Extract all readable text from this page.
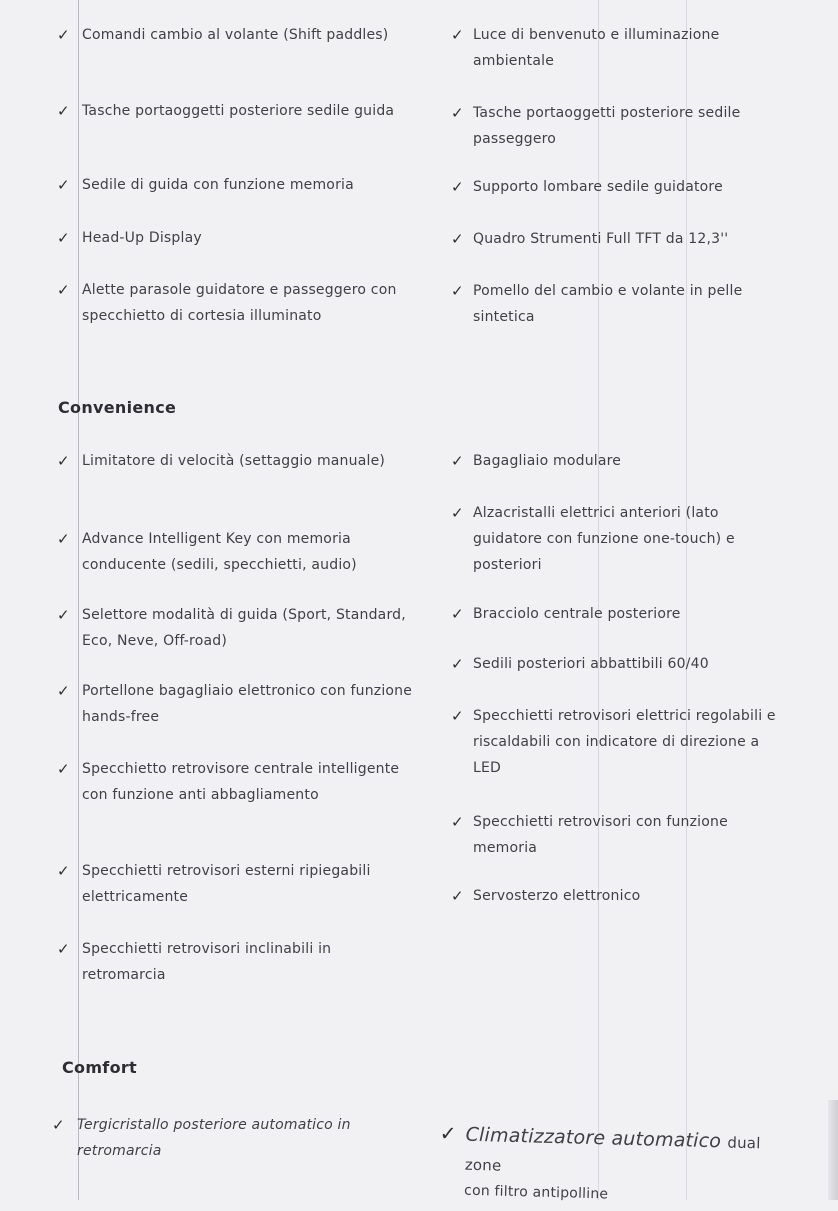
✓ Comandi cambio al volante (Shift paddles)
✓ Tasche portaoggetti posteriore sedile guida
✓ Sedile di guida con funzione memoria
✓ Head-Up Display
✓ Alette parasole guidatore e passeggero con specchietto di cortesia illuminato
✓ Luce di benvenuto e illuminazione ambientale
✓ Tasche portaoggetti posteriore sedile passeggero
✓ Supporto lombare sedile guidatore
✓ Quadro Strumenti Full TFT da 12,3''
✓ Pomello del cambio e volante in pelle sintetica
Convenience
✓ Limitatore di velocità (settaggio manuale)
✓ Advance Intelligent Key con memoria conducente (sedili, specchietti, audio)
✓ Selettore modalità di guida (Sport, Standard, Eco, Neve, Off-road)
✓ Portellone bagagliaio elettronico con funzione hands-free
✓ Specchietto retrovisore centrale intelligente con funzione anti abbagliamento
✓ Specchietti retrovisori esterni ripiegabili elettricamente
✓ Specchietti retrovisori inclinabili in retromarcia
✓ Bagagliaio modulare
✓ Alzacristalli elettrici anteriori (lato guidatore con funzione one-touch) e posteriori
✓ Bracciolo centrale posteriore
✓ Sedili posteriori abbattibili 60/40
✓ Specchietti retrovisori elettrici regolabili e riscaldabili con indicatore di direzione a LED
✓ Specchietti retrovisori con funzione memoria
✓ Servosterzo elettronico
Comfort
✓ Tergicristallo posteriore automatico in retromarcia
✓ Climatizzatore automatico dual zone
con filtro antipolline
